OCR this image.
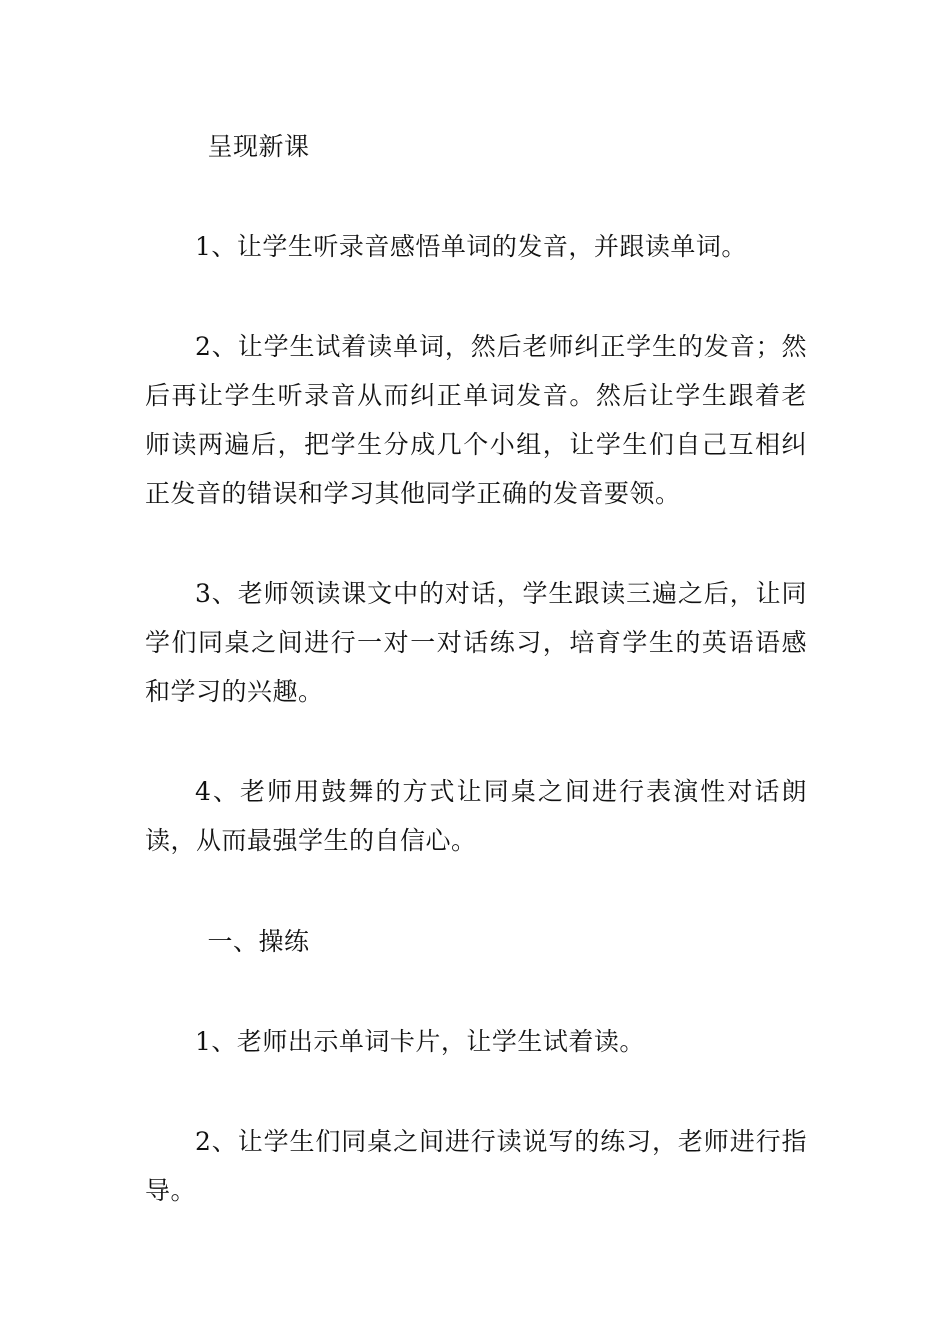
呈现新课

1、让学生听录音感悟单词的发音，并跟读单词。

2、让学生试着读单词，然后老师纠正学生的发音；然后再让学生听录音从而纠正单词发音。然后让学生跟着老师读两遍后，把学生分成几个小组，让学生们自己互相纠正发音的错误和学习其他同学正确的发音要领。

3、老师领读课文中的对话，学生跟读三遍之后，让同学们同桌之间进行一对一对话练习，培育学生的英语语感和学习的兴趣。

4、老师用鼓舞的方式让同桌之间进行表演性对话朗读，从而最强学生的自信心。

一、操练

1、老师出示单词卡片，让学生试着读。

2、让学生们同桌之间进行读说写的练习，老师进行指导。
